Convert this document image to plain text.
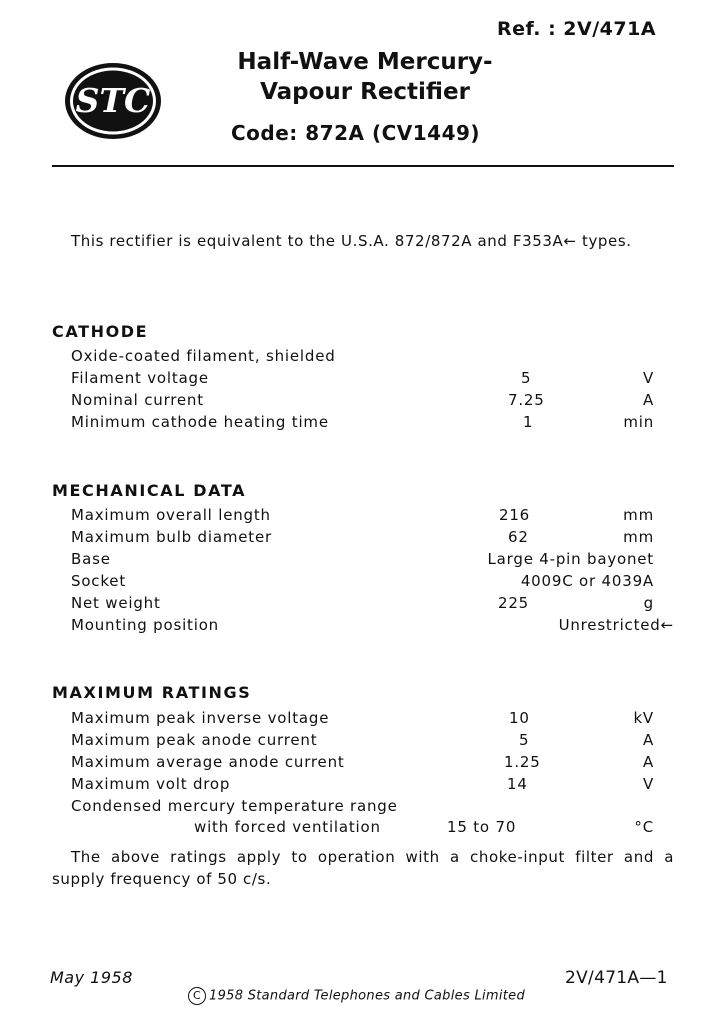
Ref. : 2V/471A
STC
Half-Wave Mercury-
Vapour Rectifier
Code: 872A (CV1449)
This rectifier is equivalent to the U.S.A. 872/872A and F353A← types.
CATHODE
Oxide-coated filament, shielded
Filament voltage	5	V
Nominal current	7.25	A
Minimum cathode heating time	1	min
MECHANICAL DATA
Maximum overall length	216	mm
Maximum bulb diameter	62	mm
Base	Large 4-pin bayonet
Socket	4009C or 4039A
Net weight	225	g
Mounting position	Unrestricted←
MAXIMUM RATINGS
Maximum peak inverse voltage	10	kV
Maximum peak anode current	5	A
Maximum average anode current	1.25	A
Maximum volt drop	14	V
Condensed mercury temperature range
with forced ventilation	15 to 70	°C
The above ratings apply to operation with a choke-input filter and a supply frequency of 50 c/s.
May 1958	2V/471A—1
C 1958 Standard Telephones and Cables Limited
